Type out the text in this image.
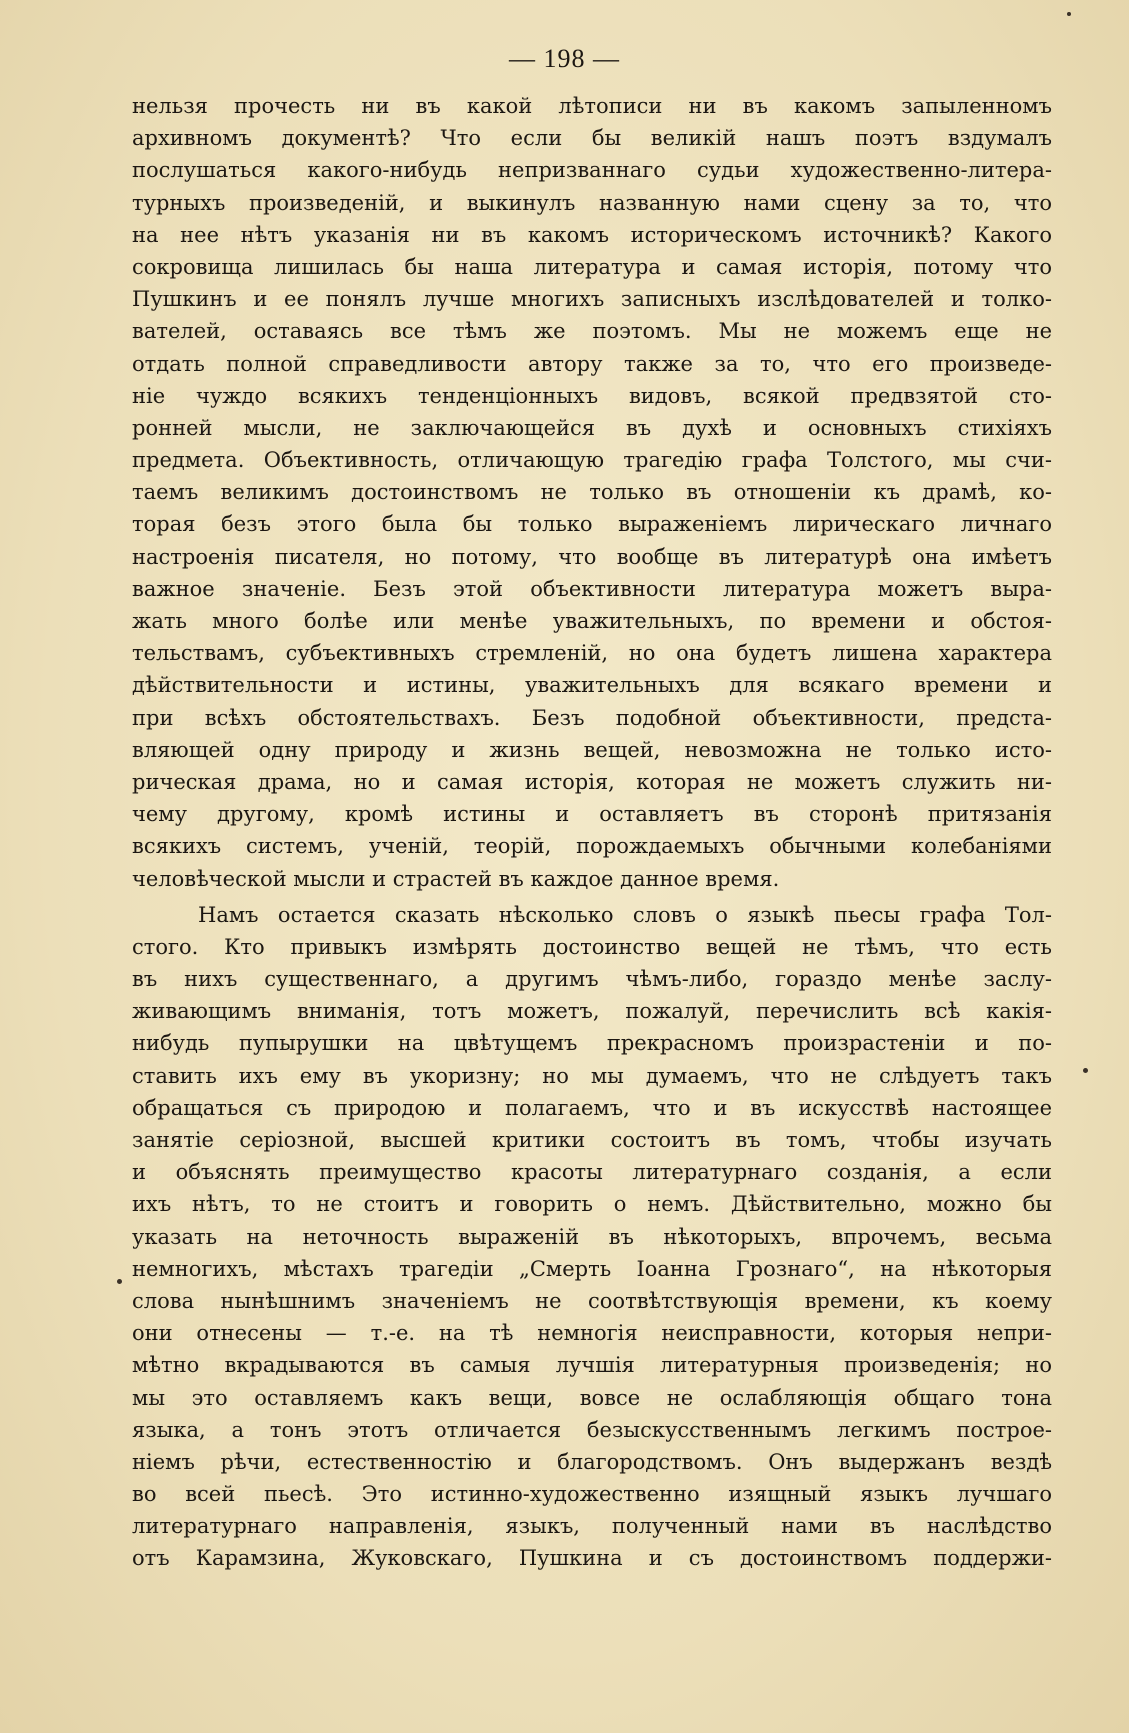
— 198 —
нельзя прочесть ни въ какой лѣтописи ни въ какомъ запыленномъ
архивномъ документѣ? Что если бы великій нашъ поэтъ вздумалъ
послушаться какого-нибудь непризваннаго судьи художественно-литера-
турныхъ произведеній, и выкинулъ названную нами сцену за то, что
на нее нѣтъ указанія ни въ какомъ историческомъ источникѣ? Какого
сокровища лишилась бы наша литература и самая исторія, потому что
Пушкинъ и ее понялъ лучше многихъ записныхъ изслѣдователей и толко-
вателей, оставаясь все тѣмъ же поэтомъ. Мы не можемъ еще не
отдать полной справедливости автору также за то, что его произведе-
ніе чуждо всякихъ тенденціонныхъ видовъ, всякой предвзятой сто-
ронней мысли, не заключающейся въ духѣ и основныхъ стихіяхъ
предмета. Объективность, отличающую трагедію графа Толстого, мы счи-
таемъ великимъ достоинствомъ не только въ отношеніи къ драмѣ, ко-
торая безъ этого была бы только выраженіемъ лирическаго личнаго
настроенія писателя, но потому, что вообще въ литературѣ она имѣетъ
важное значеніе. Безъ этой объективности литература можетъ выра-
жать много болѣе или менѣе уважительныхъ, по времени и обстоя-
тельствамъ, субъективныхъ стремленій, но она будетъ лишена характера
дѣйствительности и истины, уважительныхъ для всякаго времени и
при всѣхъ обстоятельствахъ. Безъ подобной объективности, предста-
вляющей одну природу и жизнь вещей, невозможна не только исто-
рическая драма, но и самая исторія, которая не можетъ служить ни-
чему другому, кромѣ истины и оставляетъ въ сторонѣ притязанія
всякихъ системъ, ученій, теорій, порождаемыхъ обычными колебаніями
человѣческой мысли и страстей въ каждое данное время.
Намъ остается сказать нѣсколько словъ о языкѣ пьесы графа Тол-
стого. Кто привыкъ измѣрять достоинство вещей не тѣмъ, что есть
въ нихъ существеннаго, а другимъ чѣмъ-либо, гораздо менѣе заслу-
живающимъ вниманія, тотъ можетъ, пожалуй, перечислить всѣ какія-
нибудь пупырушки на цвѣтущемъ прекрасномъ произрастеніи и по-
ставить ихъ ему въ укоризну; но мы думаемъ, что не слѣдуетъ такъ
обращаться съ природою и полагаемъ, что и въ искусствѣ настоящее
занятіе серіозной, высшей критики состоитъ въ томъ, чтобы изучать
и объяснять преимущество красоты литературнаго созданія, а если
ихъ нѣтъ, то не стоитъ и говорить о немъ. Дѣйствительно, можно бы
указать на неточность выраженій въ нѣкоторыхъ, впрочемъ, весьма
немногихъ, мѣстахъ трагедіи „Смерть Іоанна Грознаго“, на нѣкоторыя
слова нынѣшнимъ значеніемъ не соотвѣтствующія времени, къ коему
они отнесены — т.-е. на тѣ немногія неисправности, которыя непри-
мѣтно вкрадываются въ самыя лучшія литературныя произведенія; но
мы это оставляемъ какъ вещи, вовсе не ослабляющія общаго тона
языка, а тонъ этотъ отличается безыскусственнымъ легкимъ построе-
ніемъ рѣчи, естественностію и благородствомъ. Онъ выдержанъ вездѣ
во всей пьесѣ. Это истинно-художественно изящный языкъ лучшаго
литературнаго направленія, языкъ, полученный нами въ наслѣдство
отъ Карамзина, Жуковскаго, Пушкина и съ достоинствомъ поддержи-
